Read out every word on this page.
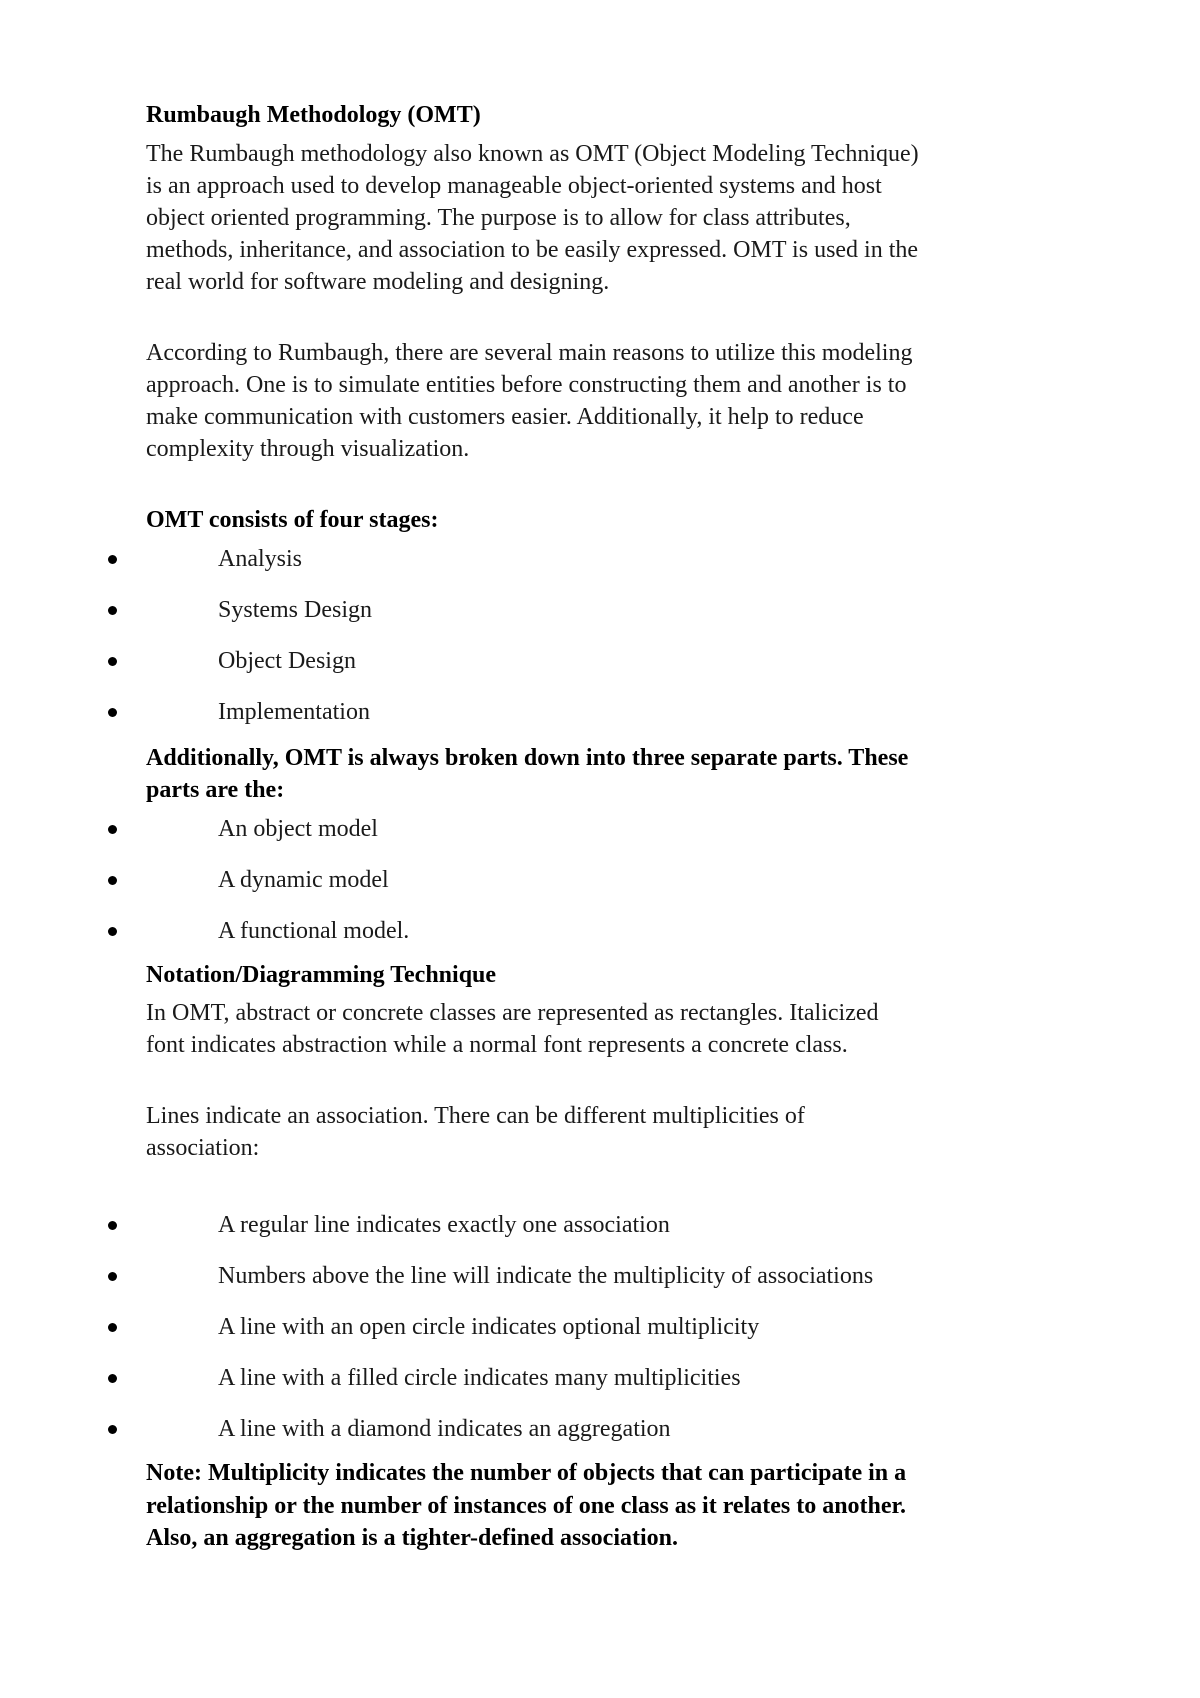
Rumbaugh Methodology (OMT)

The Rumbaugh methodology also known as OMT (Object Modeling Technique)

is an approach used to develop manageable object-oriented systems and host

object oriented programming. The purpose is to allow for class attributes,

methods, inheritance, and association to be easily expressed. OMT is used in the

real world for software modeling and designing.

According to Rumbaugh, there are several main reasons to utilize this modeling

approach. One is to simulate entities before constructing them and another is to

make communication with customers easier. Additionally, it help to reduce

complexity through visualization.

OMT consists of four stages:

Analysis
Systems Design
Object Design
Implementation

Additionally, OMT is always broken down into three separate parts. These

parts are the:

An object model
A dynamic model
A functional model.

Notation/Diagramming Technique

In OMT, abstract or concrete classes are represented as rectangles. Italicized

font indicates abstraction while a normal font represents a concrete class.

Lines indicate an association. There can be different multiplicities of

association:

A regular line indicates exactly one association
Numbers above the line will indicate the multiplicity of associations
A line with an open circle indicates optional multiplicity
A line with a filled circle indicates many multiplicities
A line with a diamond indicates an aggregation

Note: Multiplicity indicates the number of objects that can participate in a

relationship or the number of instances of one class as it relates to another.

Also, an aggregation is a tighter-defined association.
